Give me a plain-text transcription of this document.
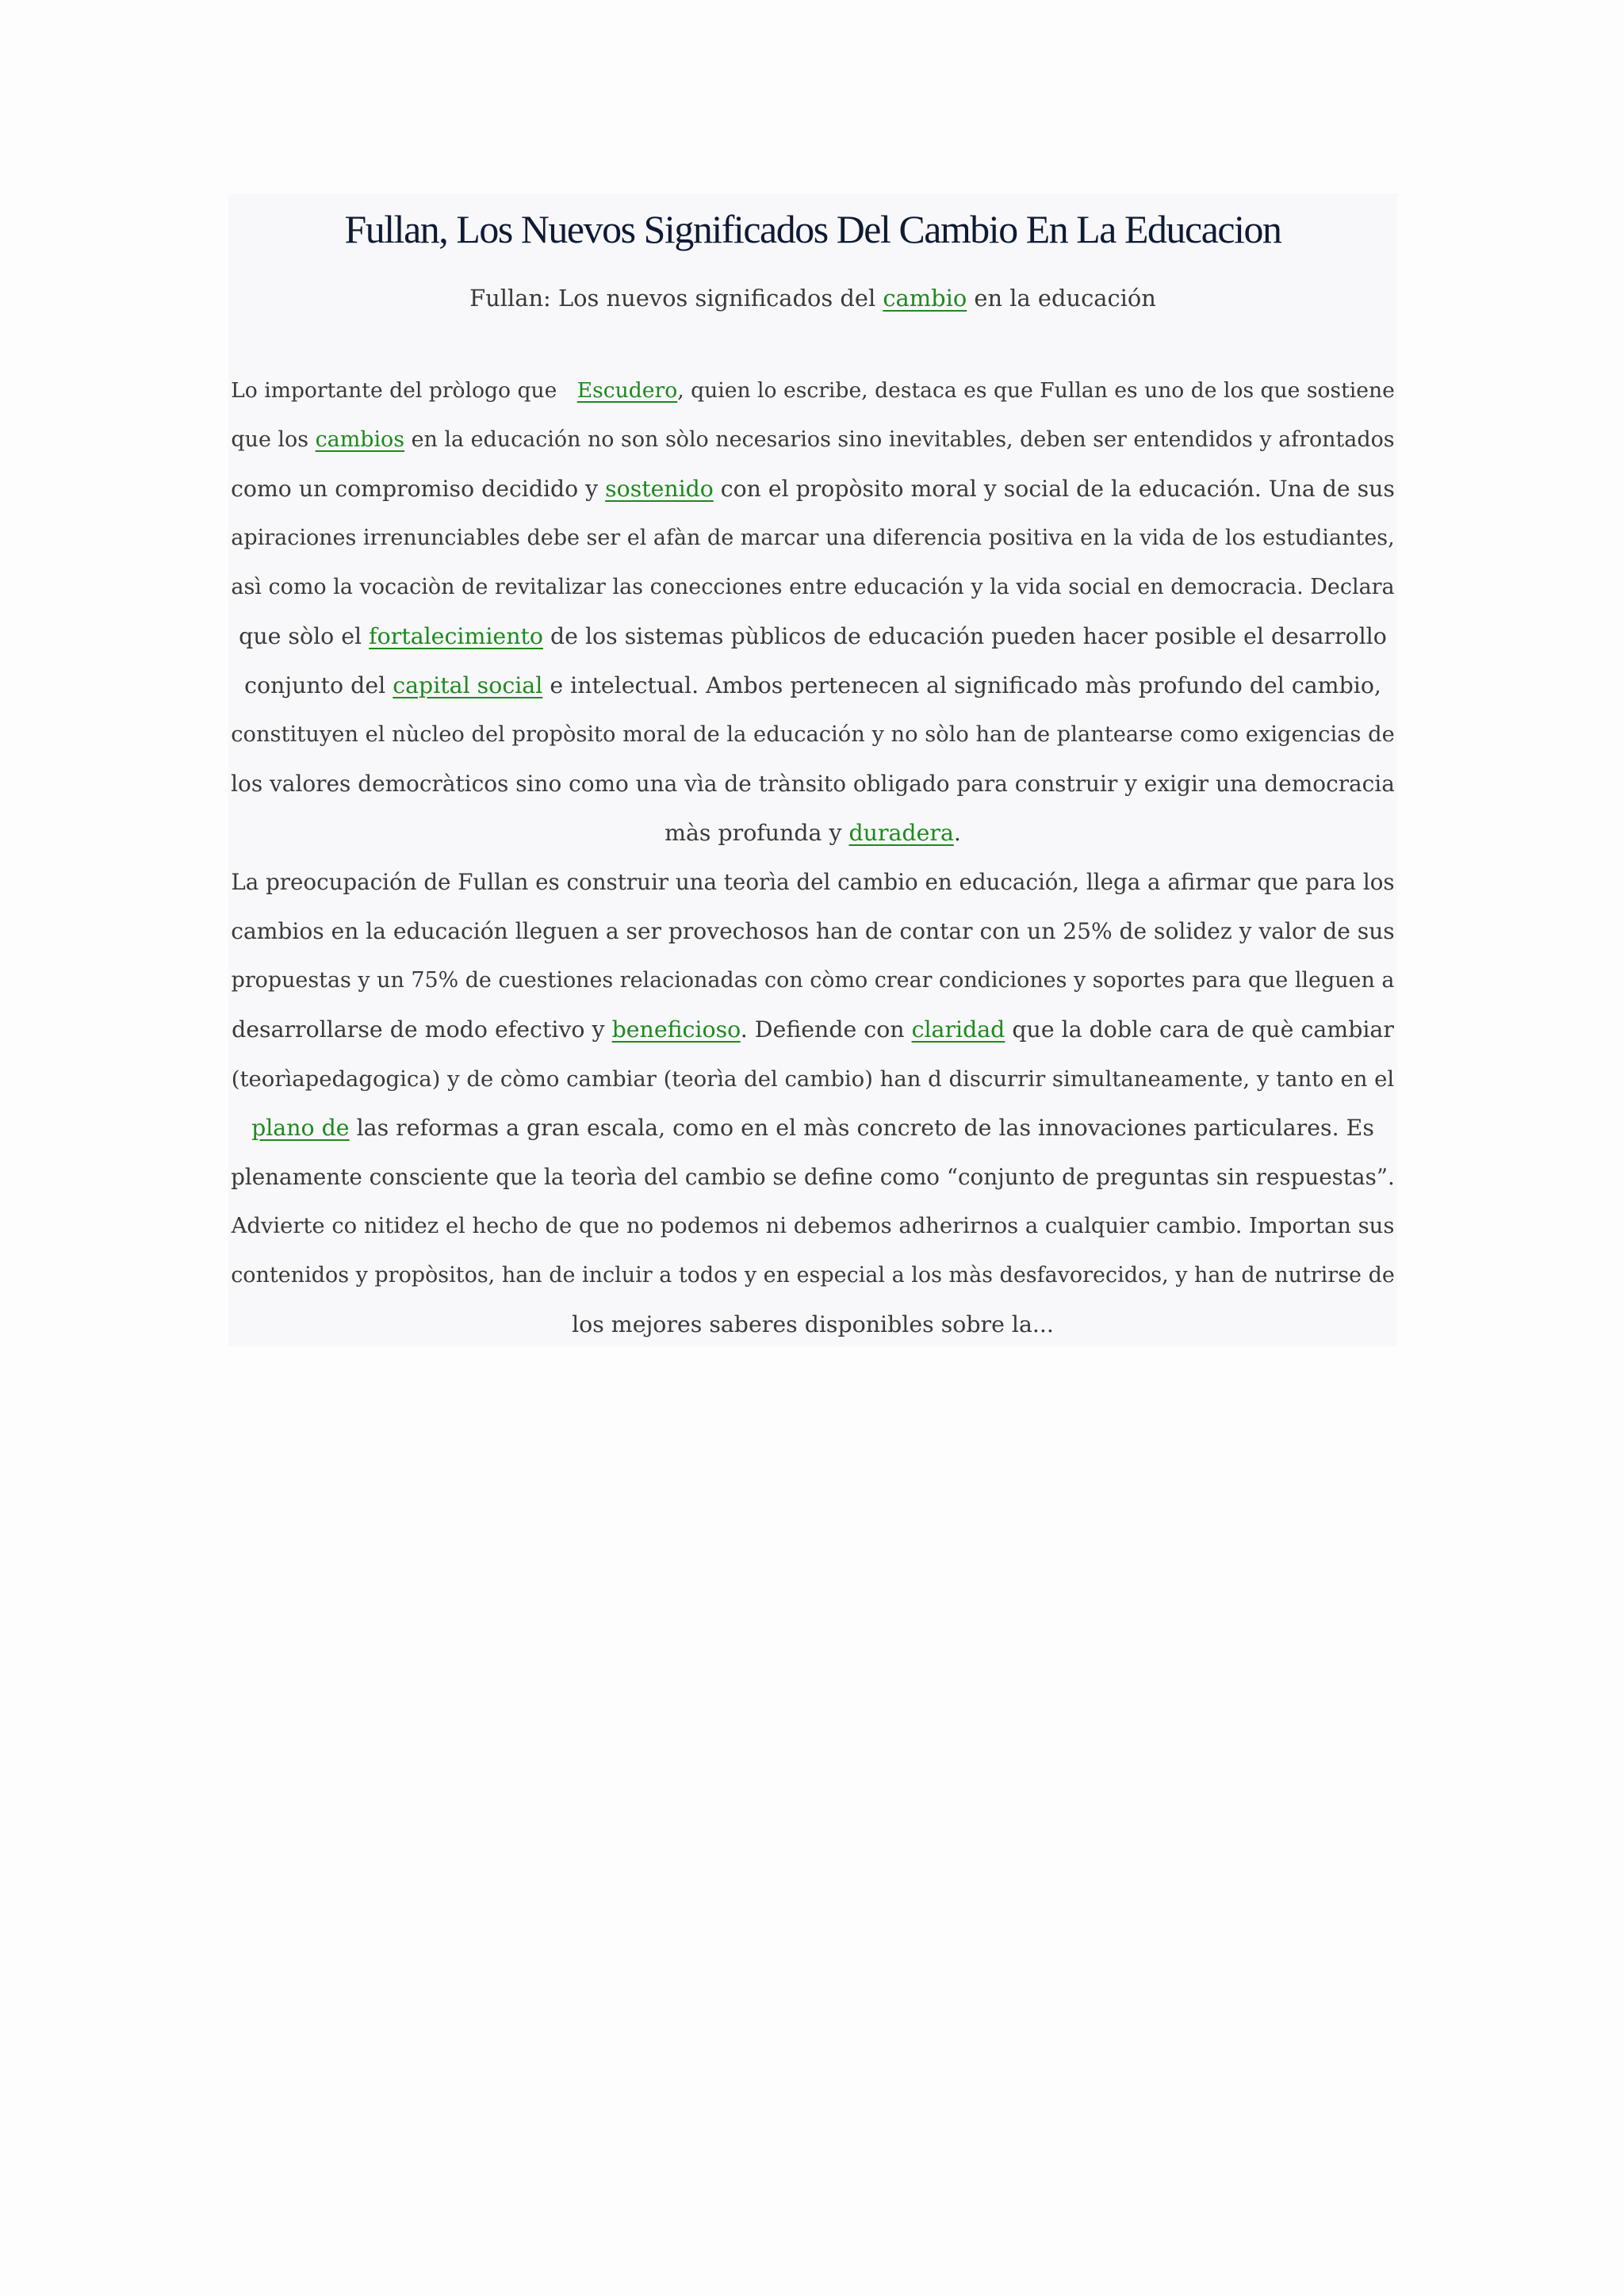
Fullan, Los Nuevos Significados Del Cambio En La Educacion
Fullan: Los nuevos significados del cambio en la educación

Lo importante del pròlogo que   Escudero, quien lo escribe, destaca es que Fullan es uno de los que sostiene
que los cambios en la educación no son sòlo necesarios sino inevitables, deben ser entendidos y afrontados
como un compromiso decidido y sostenido con el propòsito moral y social de la educación. Una de sus
apiraciones irrenunciables debe ser el afàn de marcar una diferencia positiva en la vida de los estudiantes,
asì como la vocaciòn de revitalizar las conecciones entre educación y la vida social en democracia. Declara
que sòlo el fortalecimiento de los sistemas pùblicos de educación pueden hacer posible el desarrollo
conjunto del capital social e intelectual. Ambos pertenecen al significado màs profundo del cambio,
constituyen el nùcleo del propòsito moral de la educación y no sòlo han de plantearse como exigencias de
los valores democràticos sino como una vìa de trànsito obligado para construir y exigir una democracia
màs profunda y duradera.

La preocupación de Fullan es construir una teorìa del cambio en educación, llega a afirmar que para los
cambios en la educación lleguen a ser provechosos han de contar con un 25% de solidez y valor de sus
propuestas y un 75% de cuestiones relacionadas con còmo crear condiciones y soportes para que lleguen a
desarrollarse de modo efectivo y beneficioso. Defiende con claridad que la doble cara de què cambiar
(teorìapedagogica) y de còmo cambiar (teorìa del cambio) han d discurrir simultaneamente, y tanto en el
plano de las reformas a gran escala, como en el màs concreto de las innovaciones particulares. Es
plenamente consciente que la teorìa del cambio se define como “conjunto de preguntas sin respuestas”.
Advierte co nitidez el hecho de que no podemos ni debemos adherirnos a cualquier cambio. Importan sus
contenidos y propòsitos, han de incluir a todos y en especial a los màs desfavorecidos, y han de nutrirse de
los mejores saberes disponibles sobre la...
